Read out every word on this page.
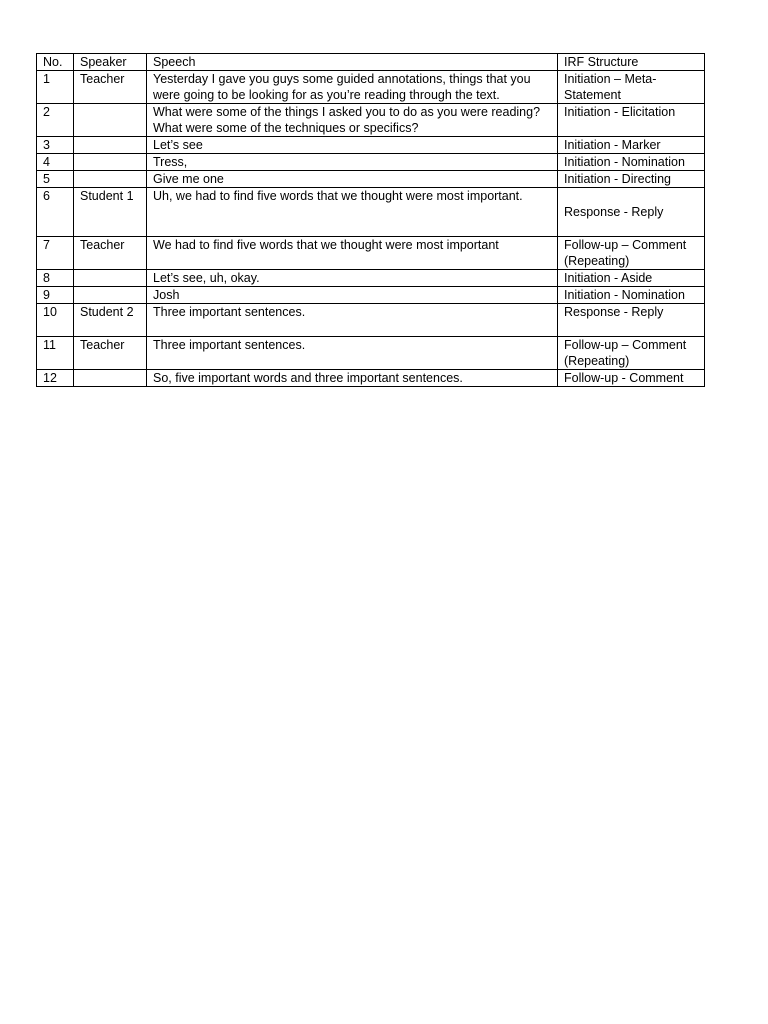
No.	Speaker	Speech	IRF Structure
1	Teacher	Yesterday I gave you guys some guided annotations, things that you were going to be looking for as you’re reading through the text.	Initiation – Meta-Statement
2		What were some of the things I asked you to do as you were reading? What were some of the techniques or specifics?	Initiation - Elicitation
3		Let’s see	Initiation - Marker
4		Tress,	Initiation - Nomination
5		Give me one	Initiation - Directing
6	Student 1	Uh, we had to find five words that we thought were most important.	Response - Reply

7	Teacher	We had to find five words that we thought were most important	Follow-up – Comment (Repeating)
8		Let’s see, uh, okay.	Initiation - Aside
9		Josh	Initiation - Nomination
10	Student 2	Three important sentences.	Response - Reply
11	Teacher	Three important sentences.	Follow-up – Comment (Repeating)
12		So, five important words and three important sentences.	Follow-up - Comment
